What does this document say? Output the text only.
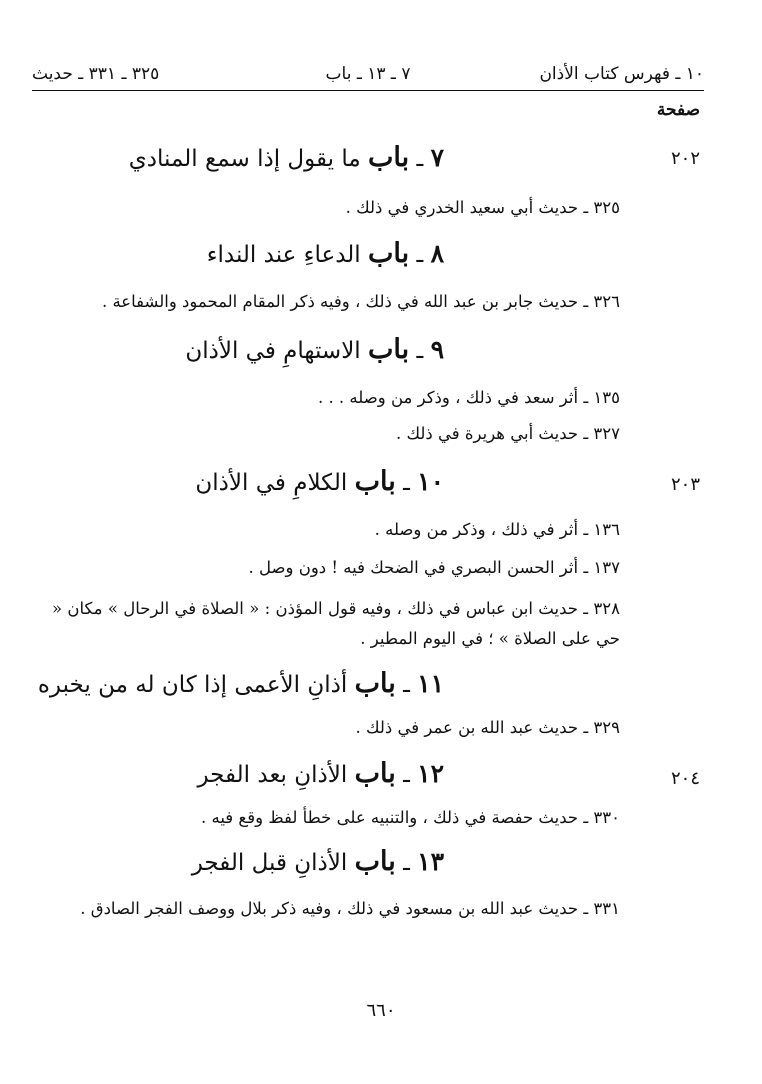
١٠ ـ فهرس كتاب الأذان
٧ ـ ١٣ ـ باب
٣٢٥ ـ ٣٣١ ـ حديث
صفحة
٢٠٢
٧ ـ باب ما يقول إذا سمع المنادي
٣٢٥ ـ حديث أبي سعيد الخدري في ذلك .
٨ ـ باب الدعاءِ عند النداء
٣٢٦ ـ حديث جابر بن عبد الله في ذلك ، وفيه ذكر المقام المحمود والشفاعة .
٩ ـ باب الاستهامِ في الأذان
١٣٥ ـ أثر سعد في ذلك ، وذكر من وصله . . .
٣٢٧ ـ حديث أبي هريرة في ذلك .
٢٠٣
١٠ ـ باب الكلامِ في الأذان
١٣٦ ـ أثر في ذلك ، وذكر من وصله .
١٣٧ ـ أثر الحسن البصري في الضحك فيه ! دون وصل .
٣٢٨ ـ حديث ابن عباس في ذلك ، وفيه قول المؤذن : « الصلاة في الرحال » مكان « حي على الصلاة » ؛ في اليوم المطير .
١١ ـ باب أذانِ الأعمى إذا كان له من يخبره
٣٢٩ ـ حديث عبد الله بن عمر في ذلك .
٢٠٤
١٢ ـ باب الأذانِ بعد الفجر
٣٣٠ ـ حديث حفصة في ذلك ، والتنبيه على خطأ لفظ وقع فيه .
١٣ ـ باب الأذانِ قبل الفجر
٣٣١ ـ حديث عبد الله بن مسعود في ذلك ، وفيه ذكر بلال ووصف الفجر الصادق .
٦٦٠
